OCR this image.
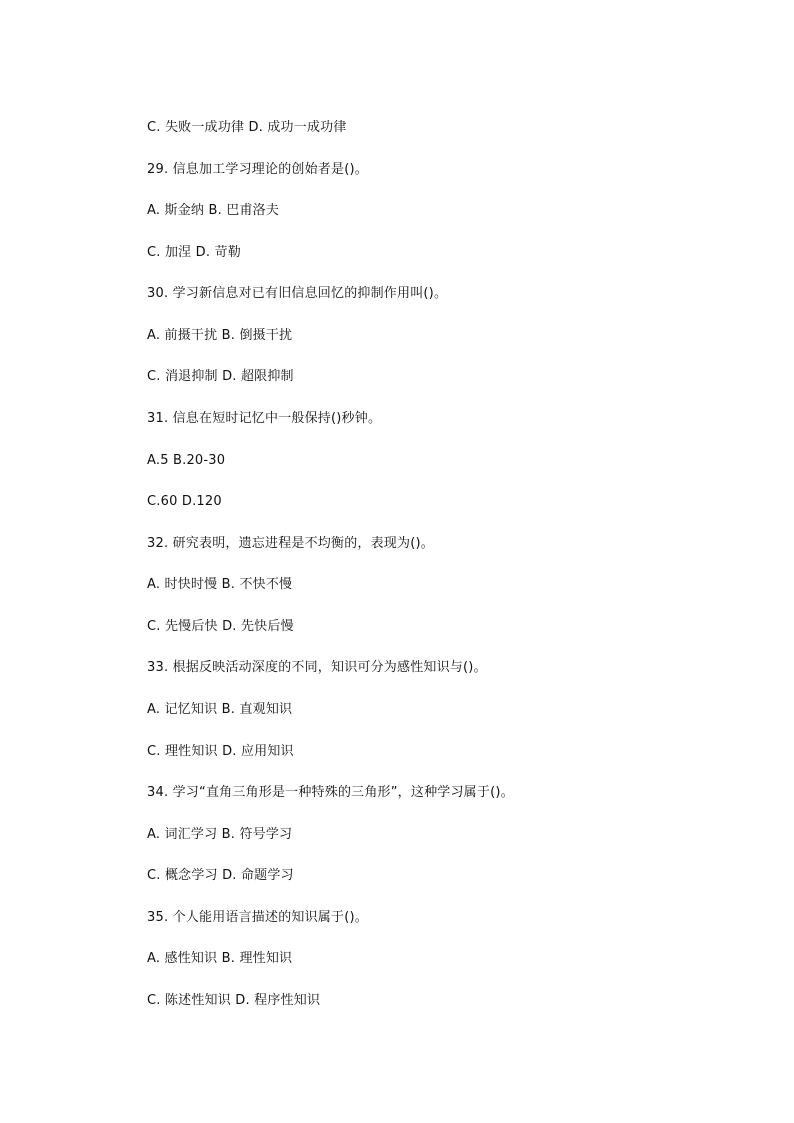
C. 失败一成功律 D. 成功一成功律
29. 信息加工学习理论的创始者是()。
A. 斯金纳 B. 巴甫洛夫
C. 加涅 D. 苛勒
30. 学习新信息对已有旧信息回忆的抑制作用叫()。
A. 前摄干扰 B. 倒摄干扰
C. 消退抑制 D. 超限抑制
31. 信息在短时记忆中一般保持()秒钟。
A.5 B.20-30
C.60 D.120
32. 研究表明，遗忘进程是不均衡的，表现为()。
A. 时快时慢 B. 不快不慢
C. 先慢后快 D. 先快后慢
33. 根据反映活动深度的不同，知识可分为感性知识与()。
A. 记忆知识 B. 直观知识
C. 理性知识 D. 应用知识
34. 学习“直角三角形是一种特殊的三角形”，这种学习属于()。
A. 词汇学习 B. 符号学习
C. 概念学习 D. 命题学习
35. 个人能用语言描述的知识属于()。
A. 感性知识 B. 理性知识
C. 陈述性知识 D. 程序性知识
